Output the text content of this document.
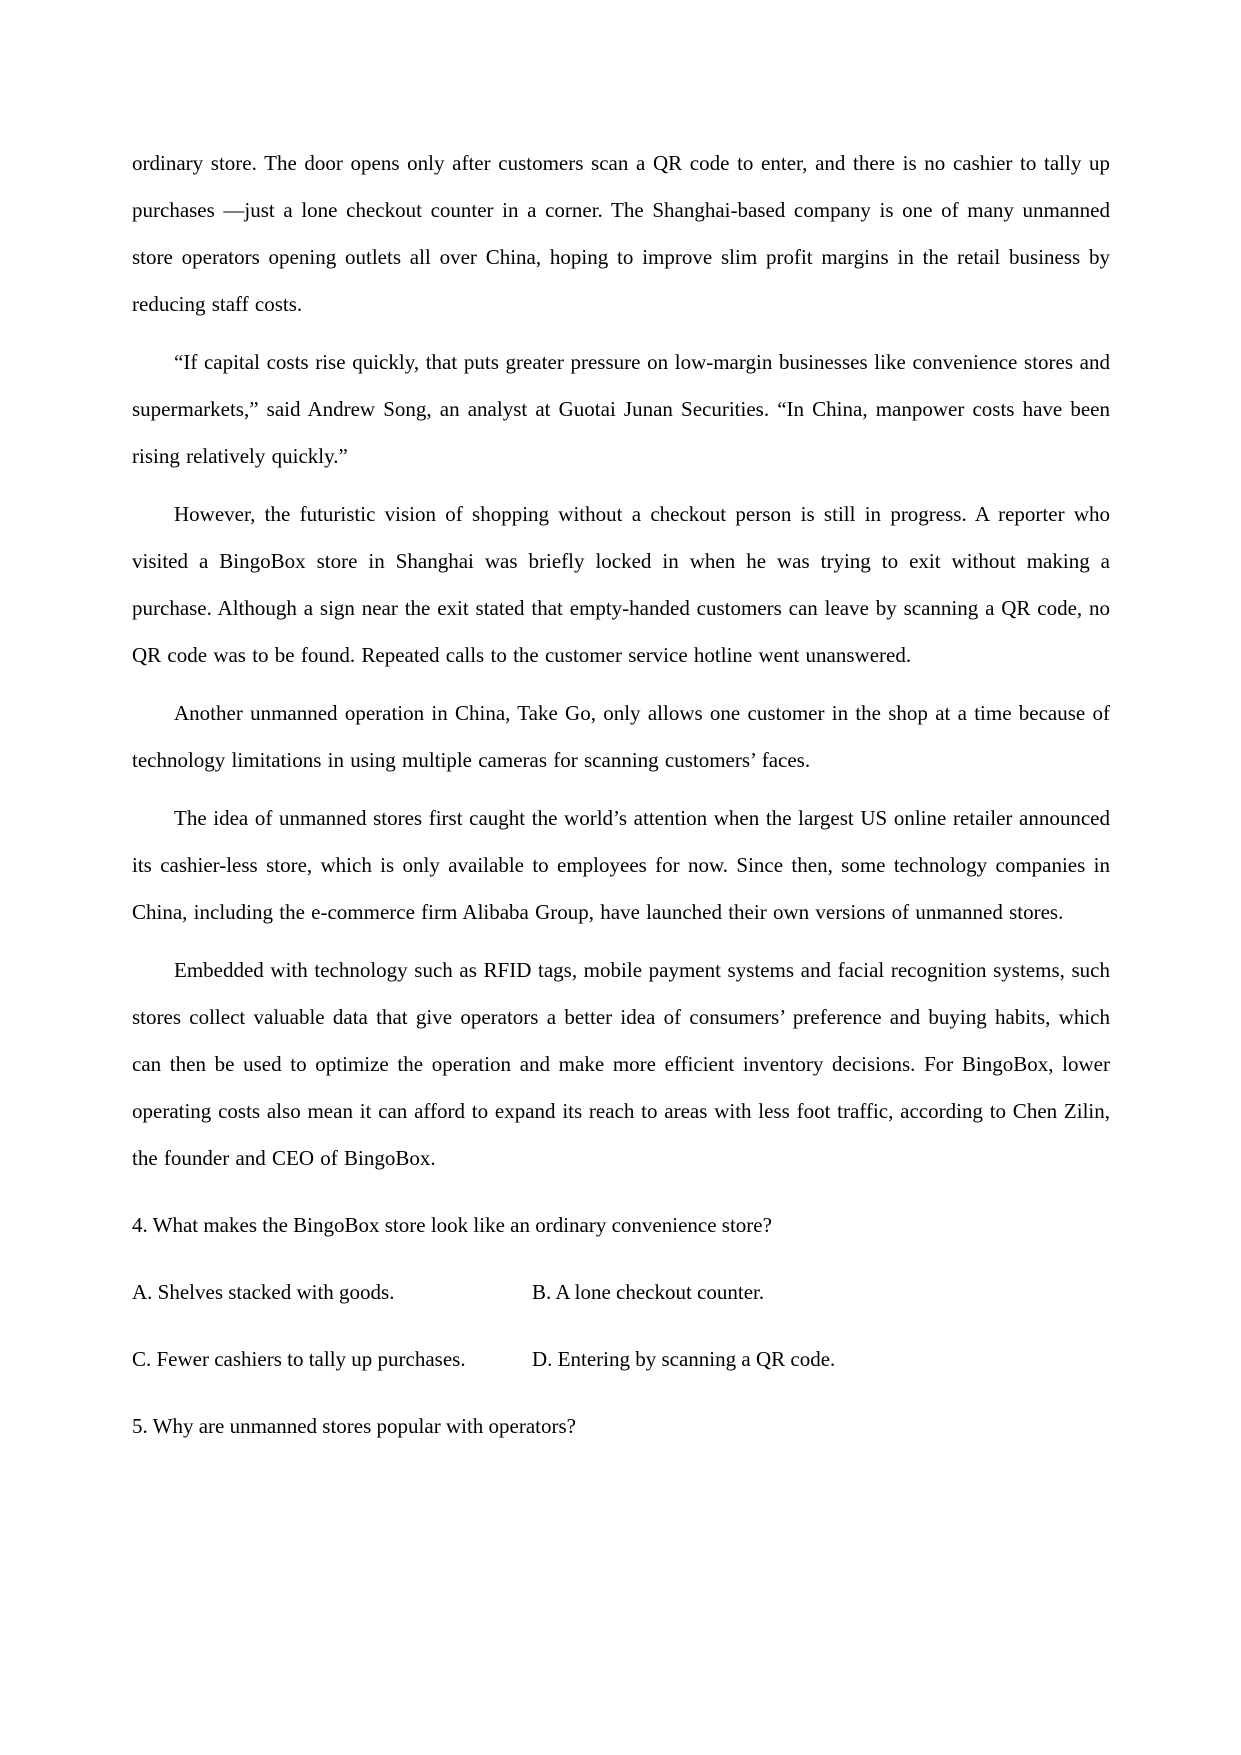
ordinary store. The door opens only after customers scan a QR code to enter, and there is no cashier to tally up purchases —just a lone checkout counter in a corner. The Shanghai-based company is one of many unmanned store operators opening outlets all over China, hoping to improve slim profit margins in the retail business by reducing staff costs.

“If capital costs rise quickly, that puts greater pressure on low-margin businesses like convenience stores and supermarkets,” said Andrew Song, an analyst at Guotai Junan Securities. “In China, manpower costs have been rising relatively quickly.”

However, the futuristic vision of shopping without a checkout person is still in progress. A reporter who visited a BingoBox store in Shanghai was briefly locked in when he was trying to exit without making a purchase. Although a sign near the exit stated that empty-handed customers can leave by scanning a QR code, no QR code was to be found. Repeated calls to the customer service hotline went unanswered.

Another unmanned operation in China, Take Go, only allows one customer in the shop at a time because of technology limitations in using multiple cameras for scanning customers’ faces.

The idea of unmanned stores first caught the world’s attention when the largest US online retailer announced its cashier-less store, which is only available to employees for now. Since then, some technology companies in China, including the e-commerce firm Alibaba Group, have launched their own versions of unmanned stores.

Embedded with technology such as RFID tags, mobile payment systems and facial recognition systems, such stores collect valuable data that give operators a better idea of consumers’ preference and buying habits, which can then be used to optimize the operation and make more efficient inventory decisions. For BingoBox, lower operating costs also mean it can afford to expand its reach to areas with less foot traffic, according to Chen Zilin, the founder and CEO of BingoBox.

4. What makes the BingoBox store look like an ordinary convenience store?
A. Shelves stacked with goods.	B. A lone checkout counter.
C. Fewer cashiers to tally up purchases.	D. Entering by scanning a QR code.
5. Why are unmanned stores popular with operators?
